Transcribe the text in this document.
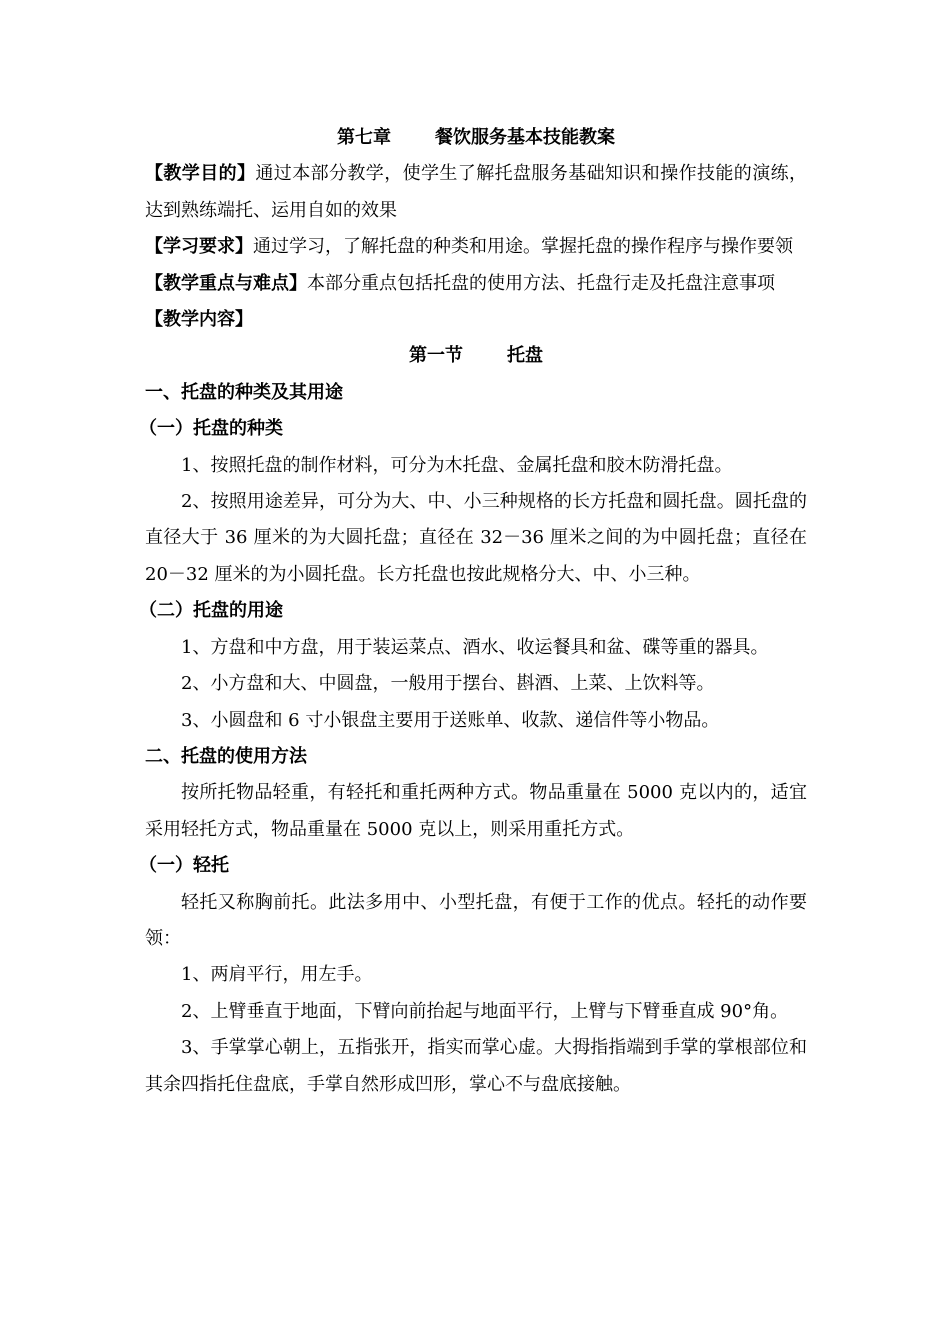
第七章 餐饮服务基本技能教案

【教学目的】通过本部分教学，使学生了解托盘服务基础知识和操作技能的演练，达到熟练端托、运用自如的效果

【学习要求】通过学习，了解托盘的种类和用途。掌握托盘的操作程序与操作要领

【教学重点与难点】本部分重点包括托盘的使用方法、托盘行走及托盘注意事项

【教学内容】

第一节 托盘

一、托盘的种类及其用途

（一）托盘的种类

1、按照托盘的制作材料，可分为木托盘、金属托盘和胶木防滑托盘。

2、按照用途差异，可分为大、中、小三种规格的长方托盘和圆托盘。圆托盘的直径大于 36 厘米的为大圆托盘；直径在 32－36 厘米之间的为中圆托盘；直径在 20－32 厘米的为小圆托盘。长方托盘也按此规格分大、中、小三种。

（二）托盘的用途

1、方盘和中方盘，用于装运菜点、酒水、收运餐具和盆、碟等重的器具。

2、小方盘和大、中圆盘，一般用于摆台、斟酒、上菜、上饮料等。

3、小圆盘和 6 寸小银盘主要用于送账单、收款、递信件等小物品。

二、托盘的使用方法

按所托物品轻重，有轻托和重托两种方式。物品重量在 5000 克以内的，适宜采用轻托方式，物品重量在 5000 克以上，则采用重托方式。

（一）轻托

轻托又称胸前托。此法多用中、小型托盘，有便于工作的优点。轻托的动作要领：

1、两肩平行，用左手。

2、上臂垂直于地面，下臂向前抬起与地面平行，上臂与下臂垂直成 90°角。

3、手掌掌心朝上，五指张开，指实而掌心虚。大拇指指端到手掌的掌根部位和其余四指托住盘底，手掌自然形成凹形，掌心不与盘底接触。
